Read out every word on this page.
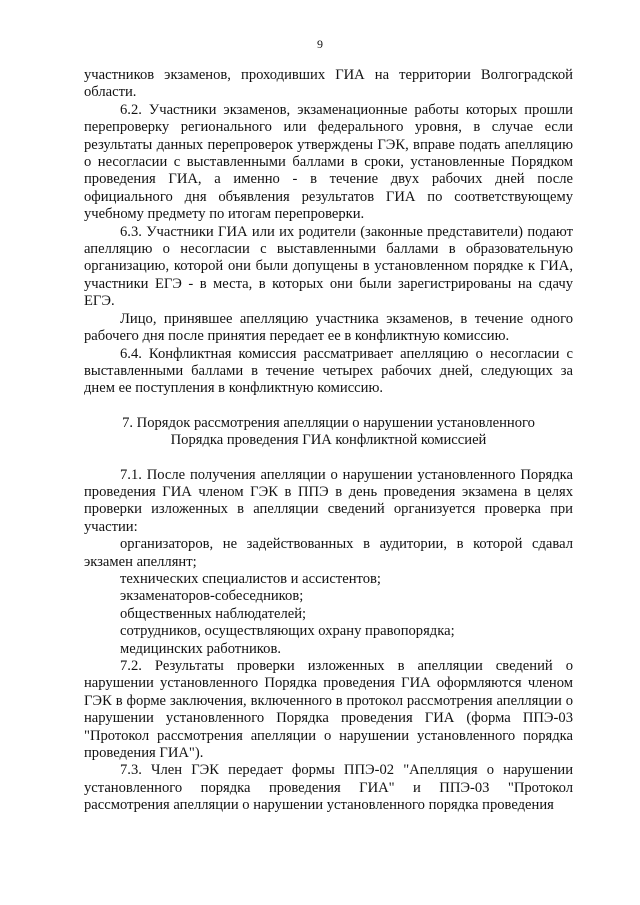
9

участников экзаменов, проходивших ГИА на территории Волгоградской области.

6.2. Участники экзаменов, экзаменационные работы которых прошли перепроверку регионального или федерального уровня, в случае если результаты данных перепроверок утверждены ГЭК, вправе подать апелляцию о несогласии с выставленными баллами в сроки, установленные Порядком проведения ГИА, а именно - в течение двух рабочих дней после официального дня объявления результатов ГИА по соответствующему учебному предмету по итогам перепроверки.

6.3. Участники ГИА или их родители (законные представители) подают апелляцию о несогласии с выставленными баллами в образовательную организацию, которой они были допущены в установленном порядке к ГИА, участники ЕГЭ - в места, в которых они были зарегистрированы на сдачу ЕГЭ.

Лицо, принявшее апелляцию участника экзаменов, в течение одного рабочего дня после принятия передает ее в конфликтную комиссию.

6.4. Конфликтная комиссия рассматривает апелляцию о несогласии с выставленными баллами в течение четырех рабочих дней, следующих за днем ее поступления в конфликтную комиссию.

7. Порядок рассмотрения апелляции о нарушении установленного
Порядка проведения ГИА конфликтной комиссией

7.1. После получения апелляции о нарушении установленного Порядка проведения ГИА членом ГЭК в ППЭ в день проведения экзамена в целях проверки изложенных в апелляции сведений организуется проверка при участии:

организаторов, не задействованных в аудитории, в которой сдавал экзамен апеллянт;

технических специалистов и ассистентов;

экзаменаторов-собеседников;

общественных наблюдателей;

сотрудников, осуществляющих охрану правопорядка;

медицинских работников.

7.2. Результаты проверки изложенных в апелляции сведений о нарушении установленного Порядка проведения ГИА оформляются членом ГЭК в форме заключения, включенного в протокол рассмотрения апелляции о нарушении установленного Порядка проведения ГИА (форма ППЭ-03 "Протокол рассмотрения апелляции о нарушении установленного порядка проведения ГИА").

7.3. Член ГЭК передает формы ППЭ-02 "Апелляция о нарушении установленного порядка проведения ГИА" и ППЭ-03 "Протокол рассмотрения апелляции о нарушении установленного порядка проведения
